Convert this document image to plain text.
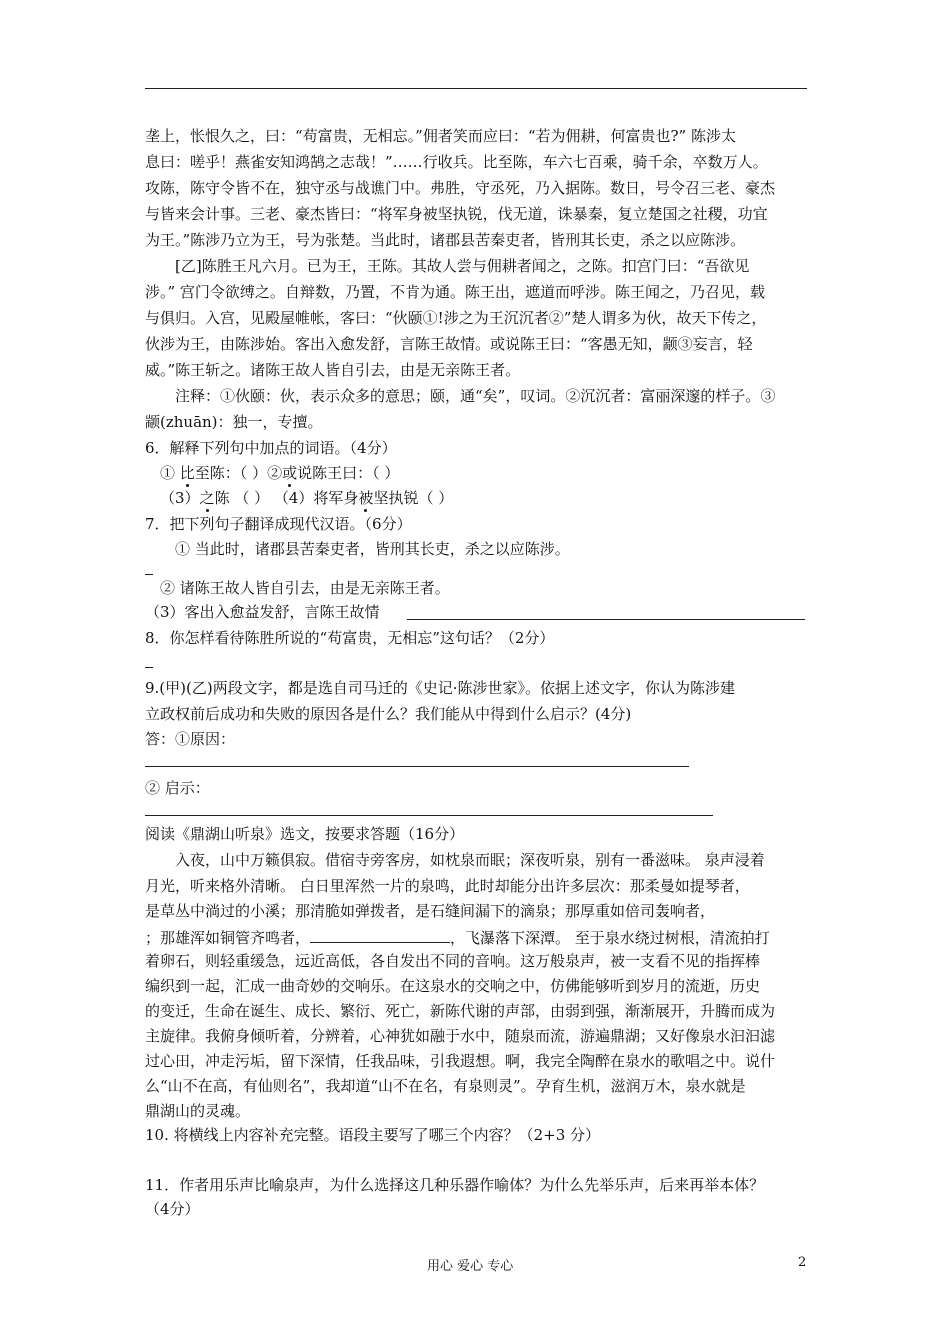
垄上，怅恨久之，曰：“苟富贵，无相忘。”佣者笑而应曰：“若为佣耕，何富贵也?” 陈涉太
息曰：嗟乎！燕雀安知鸿鹄之志哉！”……行收兵。比至陈，车六七百乘，骑千余，卒数万人。
攻陈，陈守令皆不在，独守丞与战谯门中。弗胜，守丞死，乃入据陈。数日，号令召三老、豪杰
与皆来会计事。三老、豪杰皆曰：“将军身被坚执锐，伐无道，诛暴秦，复立楚国之社稷，功宜
为王。”陈涉乃立为王，号为张楚。当此时，诸郡县苦秦吏者，皆刑其长吏，杀之以应陈涉。
[乙]陈胜王凡六月。已为王，王陈。其故人尝与佣耕者闻之，之陈。扣宫门曰：“吾欲见
涉。” 宫门令欲缚之。自辩数，乃置，不肯为通。陈王出，遮道而呼涉。陈王闻之，乃召见，载
与俱归。入宫，见殿屋帷帐，客曰：“伙颐①!涉之为王沉沉者②”楚人谓多为伙，故天下传之，
伙涉为王，由陈涉始。客出入愈发舒，言陈王故情。或说陈王曰：“客愚无知，颛③妄言，轻
威。”陈王斩之。诸陈王故人皆自引去，由是无亲陈王者。
注释：①伙颐：伙，表示众多的意思；颐，通“矣”，叹词。②沉沉者：富丽深邃的样子。③
颛(zhuān)：独一，专擅。
6．解释下列句中加点的词语。（4分）
① 比至陈：（ ）②或说陈王曰：（ ）
（3）之陈 （ ） （4）将军身被坚执锐（ ）
7．把下列句子翻译成现代汉语。（6分）
① 当此时，诸郡县苦秦吏者，皆刑其长吏，杀之以应陈涉。
② 诸陈王故人皆自引去，由是无亲陈王者。
（3）客出入愈益发舒，言陈王故情
8．你怎样看待陈胜所说的“苟富贵，无相忘”这句话？（2分）
9.(甲)(乙)两段文字，都是选自司马迁的《史记·陈涉世家》。依据上述文字，你认为陈涉建
立政权前后成功和失败的原因各是什么？我们能从中得到什么启示？(4分)
答：①原因：
② 启示：
阅读《鼎湖山听泉》选文，按要求答题（16分）
入夜，山中万籁俱寂。借宿寺旁客房，如枕泉而眠；深夜听泉，别有一番滋味。 泉声浸着
月光，听来格外清晰。 白日里浑然一片的泉鸣，此时却能分出许多层次：那柔曼如提琴者，
是草丛中淌过的小溪；那清脆如弹拨者，是石缝间漏下的滴泉；那厚重如倍司轰响者，
；那雄浑如铜管齐鸣者，	，飞瀑落下深潭。 至于泉水绕过树根，清流拍打
着卵石，则轻重缓急，远近高低，各自发出不同的音响。这万般泉声，被一支看不见的指挥棒
编织到一起，汇成一曲奇妙的交响乐。在这泉水的交响之中，仿佛能够听到岁月的流逝，历史
的变迁，生命在诞生、成长、繁衍、死亡，新陈代谢的声部，由弱到强，渐渐展开，升腾而成为
主旋律。我俯身倾听着，分辨着，心神犹如融于水中，随泉而流，游遍鼎湖；又好像泉水汩汩滤
过心田，冲走污垢，留下深情，任我品味，引我遐想。啊，我完全陶醉在泉水的歌唱之中。说什
么“山不在高，有仙则名”，我却道“山不在名，有泉则灵”。孕育生机，滋润万木，泉水就是
鼎湖山的灵魂。
10. 将横线上内容补充完整。语段主要写了哪三个内容？（2+3 分）
11．作者用乐声比喻泉声，为什么选择这几种乐器作喻体？为什么先举乐声，后来再举本体？
（4分）
用心 爱心 专心	2
